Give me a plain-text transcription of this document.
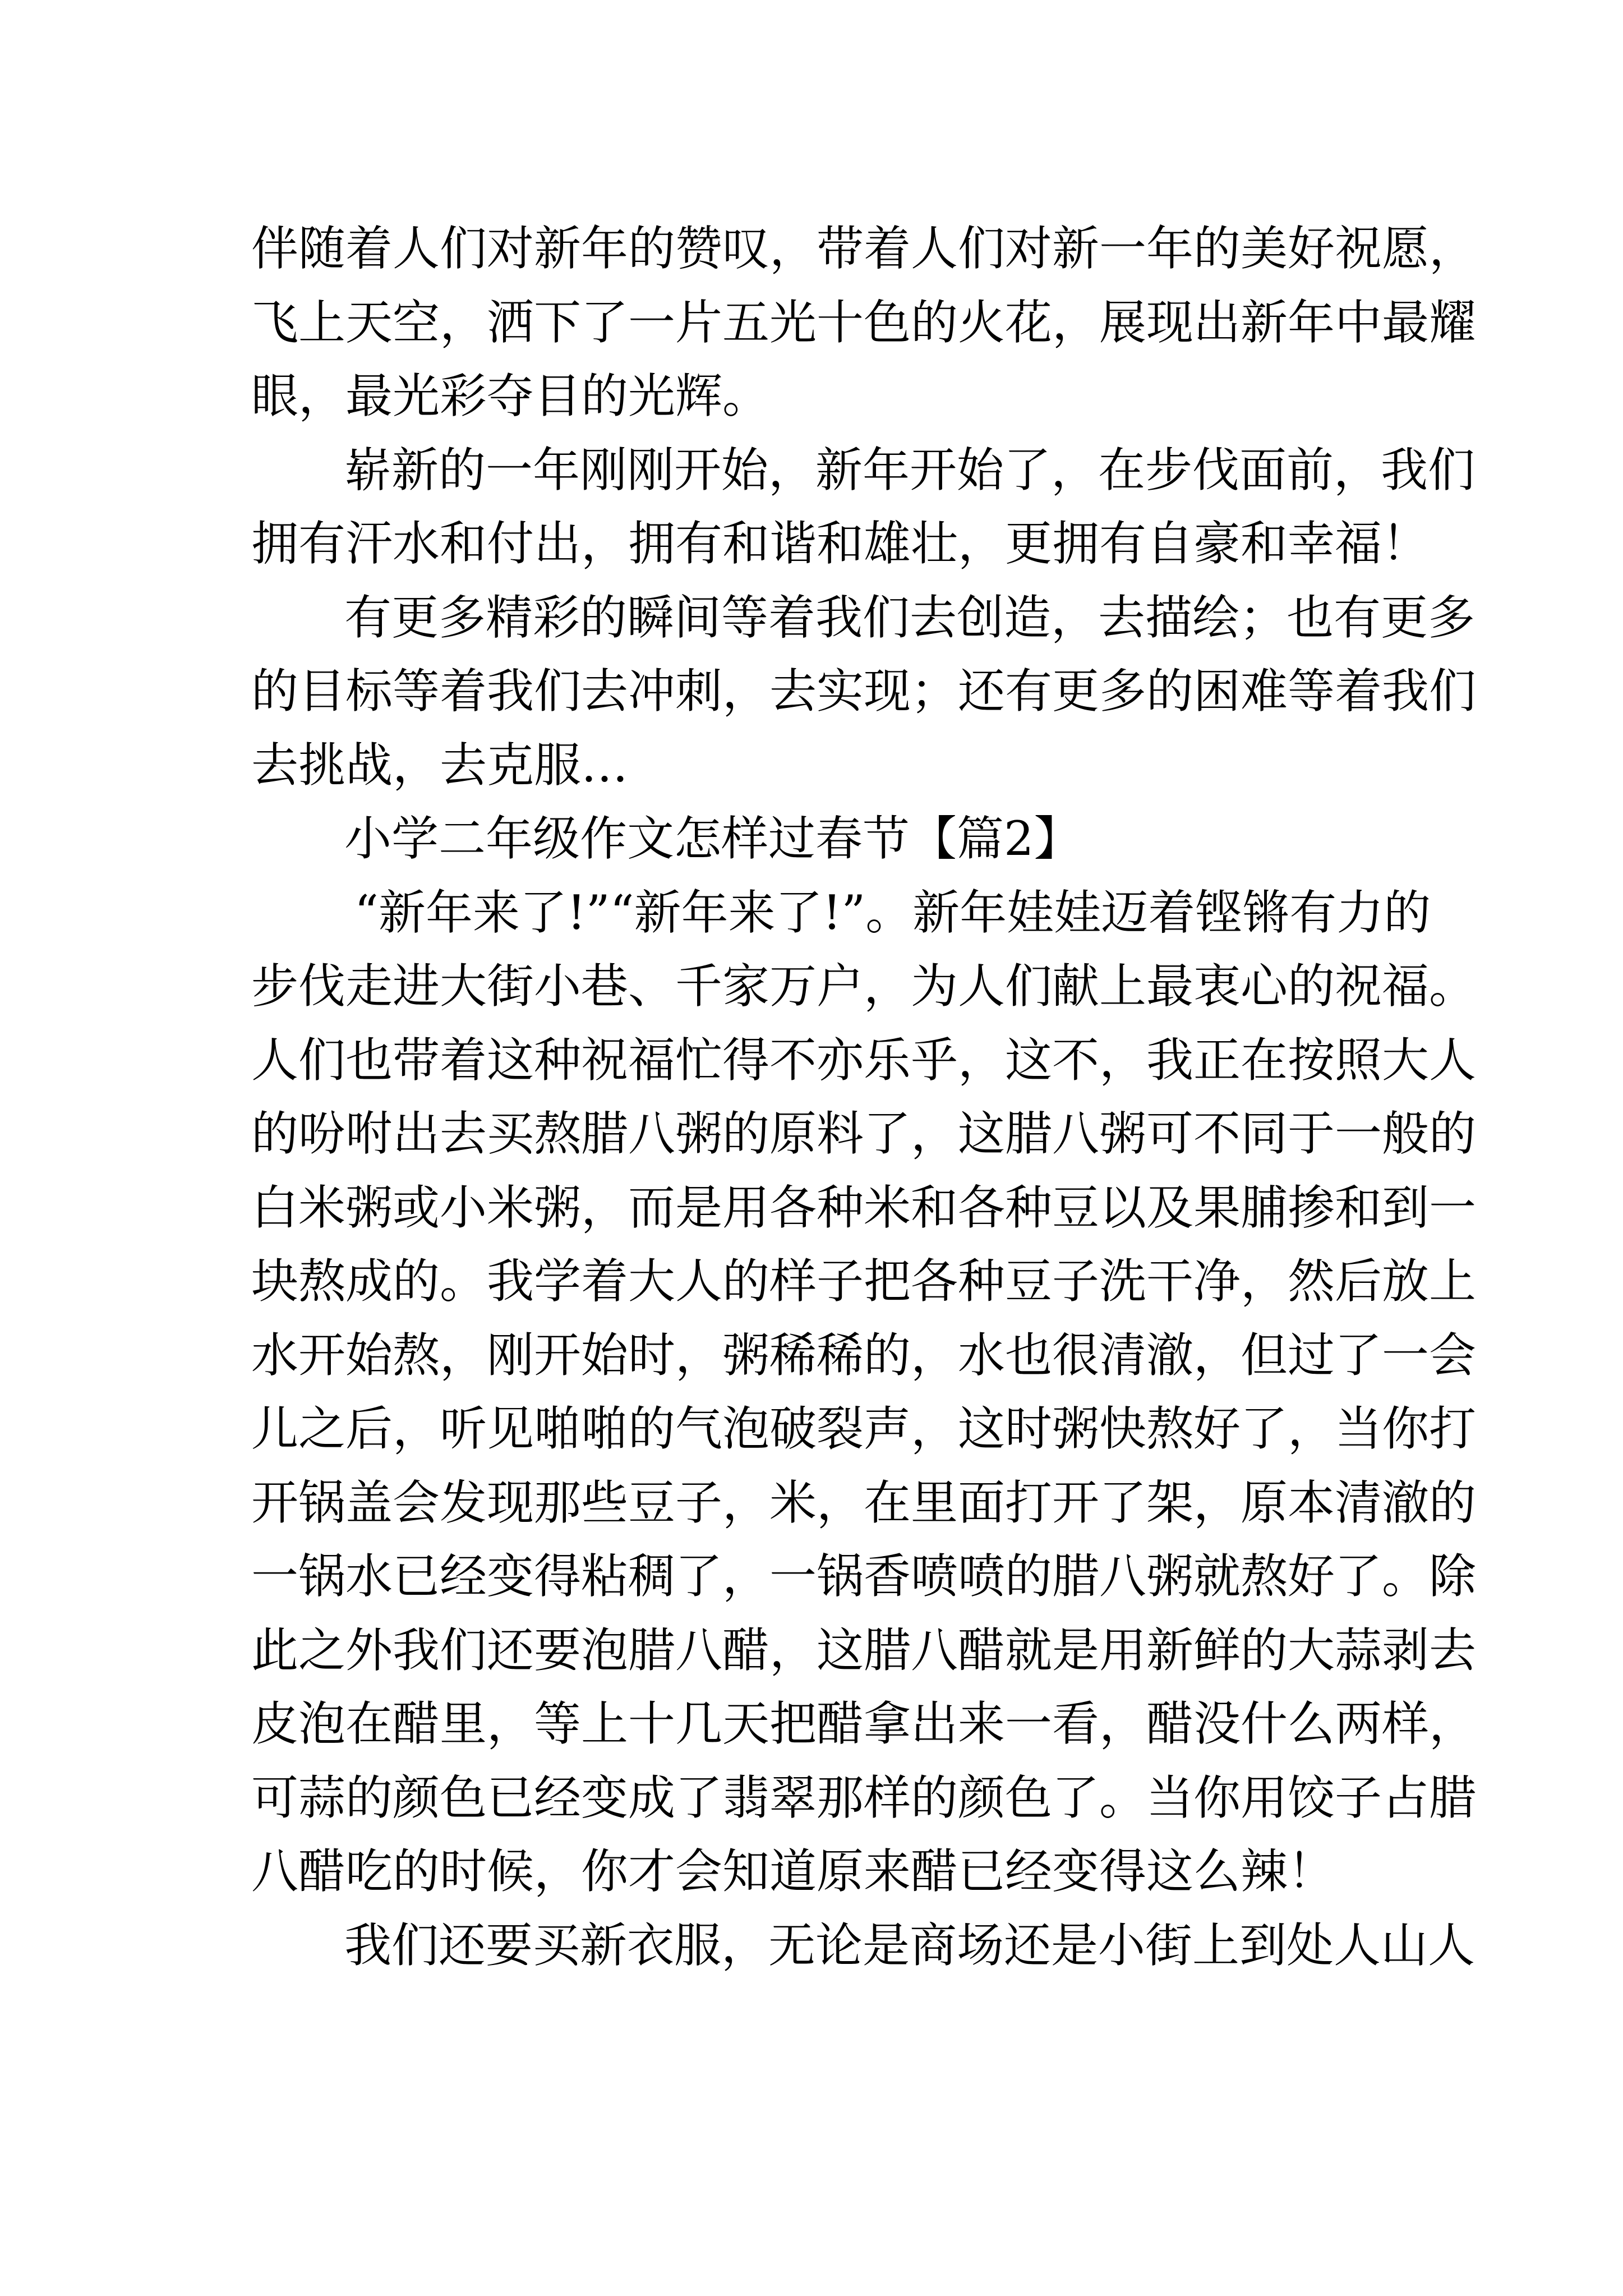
伴随着人们对新年的赞叹，带着人们对新一年的美好祝愿，

飞上天空，洒下了一片五光十色的火花，展现出新年中最耀

眼，最光彩夺目的光辉。

崭新的一年刚刚开始，新年开始了，在步伐面前，我们

拥有汗水和付出，拥有和谐和雄壮，更拥有自豪和幸福！

有更多精彩的瞬间等着我们去创造，去描绘；也有更多

的目标等着我们去冲刺，去实现；还有更多的困难等着我们

去挑战，去克服…

小学二年级作文怎样过春节【篇2】

“新年来了!”“新年来了!”。新年娃娃迈着铿锵有力的

步伐走进大街小巷、千家万户，为人们献上最衷心的祝福。

人们也带着这种祝福忙得不亦乐乎，这不，我正在按照大人

的吩咐出去买熬腊八粥的原料了，这腊八粥可不同于一般的

白米粥或小米粥，而是用各种米和各种豆以及果脯掺和到一

块熬成的。我学着大人的样子把各种豆子洗干净，然后放上

水开始熬，刚开始时，粥稀稀的，水也很清澈，但过了一会

儿之后，听见啪啪的气泡破裂声，这时粥快熬好了，当你打

开锅盖会发现那些豆子，米，在里面打开了架，原本清澈的

一锅水已经变得粘稠了，一锅香喷喷的腊八粥就熬好了。除

此之外我们还要泡腊八醋，这腊八醋就是用新鲜的大蒜剥去

皮泡在醋里，等上十几天把醋拿出来一看，醋没什么两样，

可蒜的颜色已经变成了翡翠那样的颜色了。当你用饺子占腊

八醋吃的时候，你才会知道原来醋已经变得这么辣！

我们还要买新衣服，无论是商场还是小街上到处人山人
